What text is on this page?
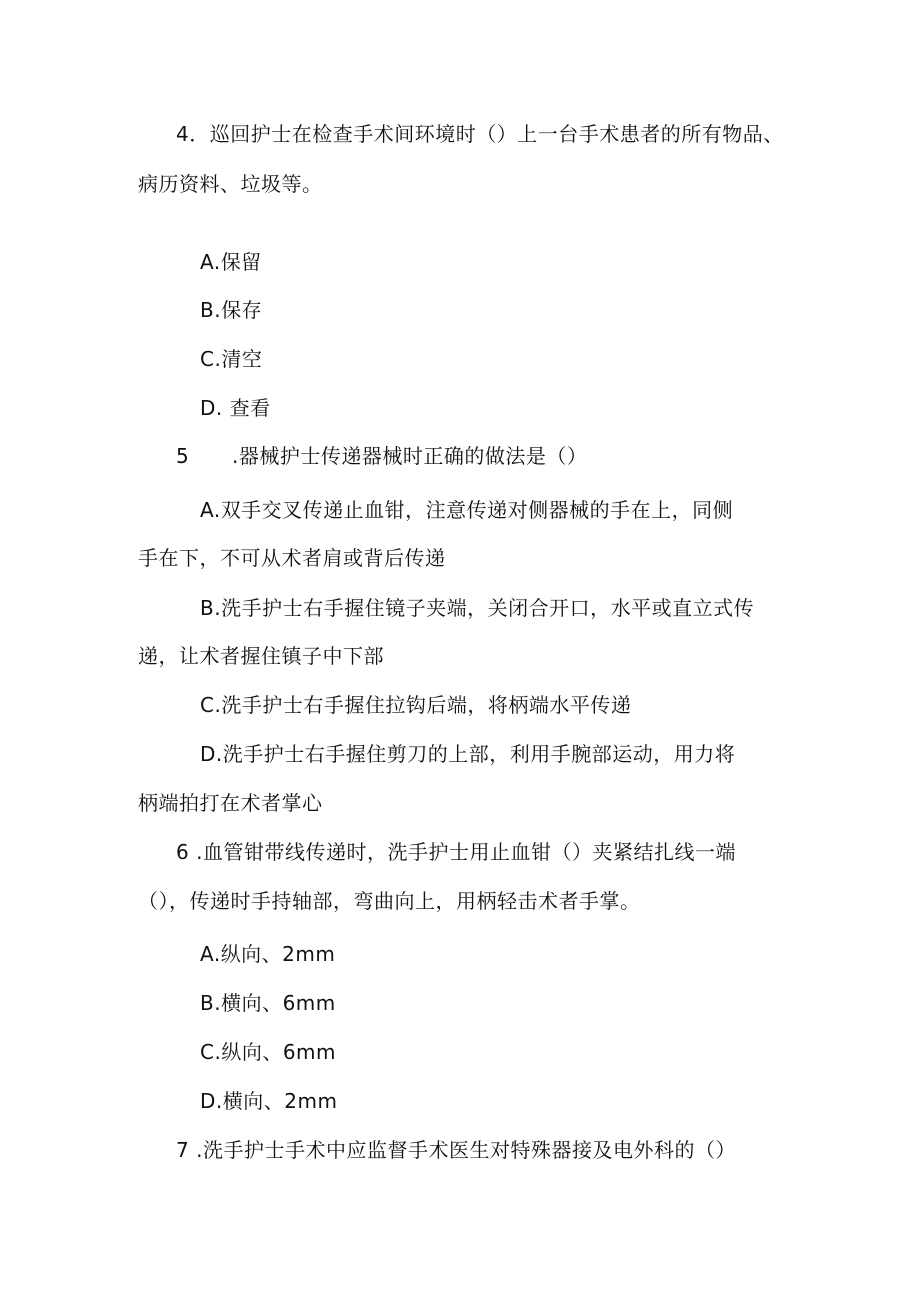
4．巡回护士在检查手术间环境时（）上一台手术患者的所有物品、
病历资料、垃圾等。
A.保留
B.保存
C.清空
D. 查看
5 .器械护士传递器械时正确的做法是（）
A.双手交叉传递止血钳，注意传递对侧器械的手在上，同侧
手在下，不可从术者肩或背后传递
B.洗手护士右手握住镜子夹端，关闭合开口，水平或直立式传
递，让术者握住镇子中下部
C.洗手护士右手握住拉钩后端，将柄端水平传递
D.洗手护士右手握住剪刀的上部，利用手腕部运动，用力将
柄端拍打在术者掌心
6 .血管钳带线传递时，洗手护士用止血钳（）夹紧结扎线一端
（），传递时手持轴部，弯曲向上，用柄轻击术者手掌。
A.纵向、2mm
B.横向、6mm
C.纵向、6mm
D.横向、2mm
7 .洗手护士手术中应监督手术医生对特殊器接及电外科的（）
